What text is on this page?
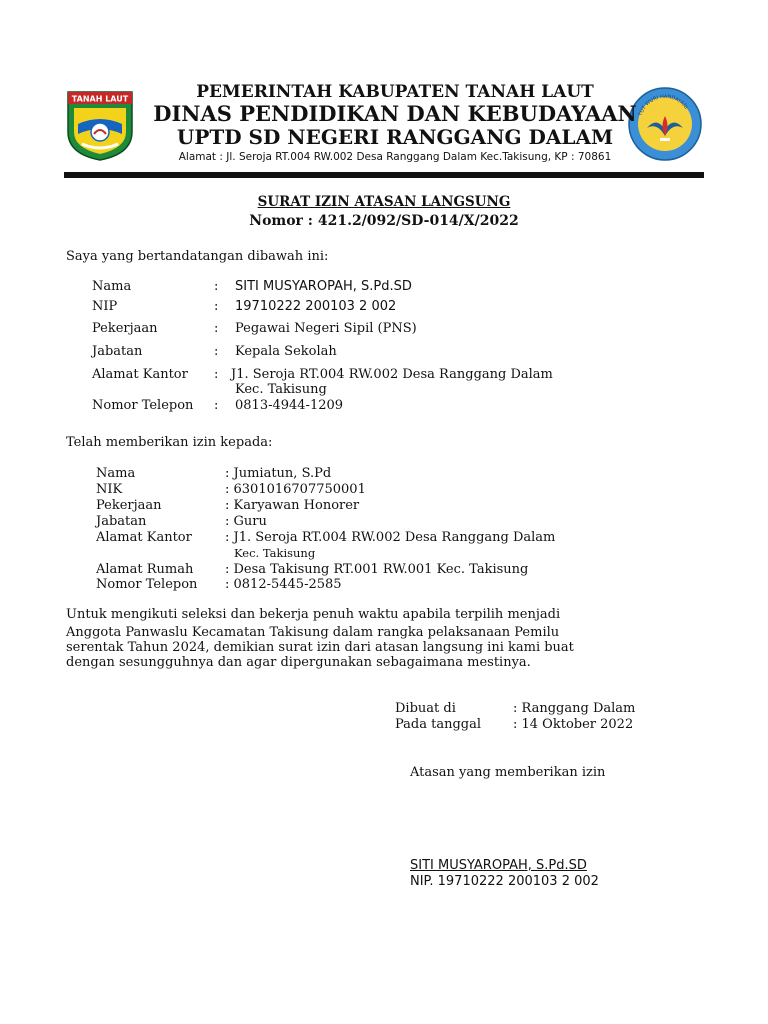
TANAH LAUT
TUT WURI HANDAYANI
PEMERINTAH KABUPATEN TANAH LAUT
DINAS PENDIDIKAN DAN KEBUDAYAAN
UPTD SD NEGERI RANGGANG DALAM
Alamat : Jl. Seroja RT.004 RW.002 Desa Ranggang Dalam Kec.Takisung, KP : 70861
SURAT IZIN ATASAN LANGSUNG
Nomor : 421.2/092/SD-014/X/2022
Saya yang bertandatangan dibawah ini:
Nama	: SITI MUSYAROPAH, S.Pd.SD
NIP	: 19710222 200103 2 002
Pekerjaan	: Pegawai Negeri Sipil (PNS)
Jabatan	: Kepala Sekolah
Alamat Kantor : J1. Seroja RT.004 RW.002 Desa Ranggang Dalam
Kec. Takisung
Nomor Telepon : 0813-4944-1209
Telah memberikan izin kepada:
Nama	: Jumiatun, S.Pd
NIK	: 6301016707750001
Pekerjaan	: Karyawan Honorer
Jabatan	: Guru
Alamat Kantor	: J1. Seroja RT.004 RW.002 Desa Ranggang Dalam
Kec. Takisung
Alamat Rumah : Desa Takisung RT.001 RW.001 Kec. Takisung
Nomor Telepon : 0812-5445-2585
Untuk mengikuti seleksi dan bekerja penuh waktu apabila terpilih menjadi
Anggota Panwaslu Kecamatan Takisung dalam rangka pelaksanaan Pemilu
serentak Tahun 2024, demikian surat izin dari atasan langsung ini kami buat
dengan sesungguhnya dan agar dipergunakan sebagaimana mestinya.
Dibuat di	: Ranggang Dalam
Pada tanggal : 14 Oktober 2022
Atasan yang memberikan izin
SITI MUSYAROPAH, S.Pd.SD
NIP. 19710222 200103 2 002
